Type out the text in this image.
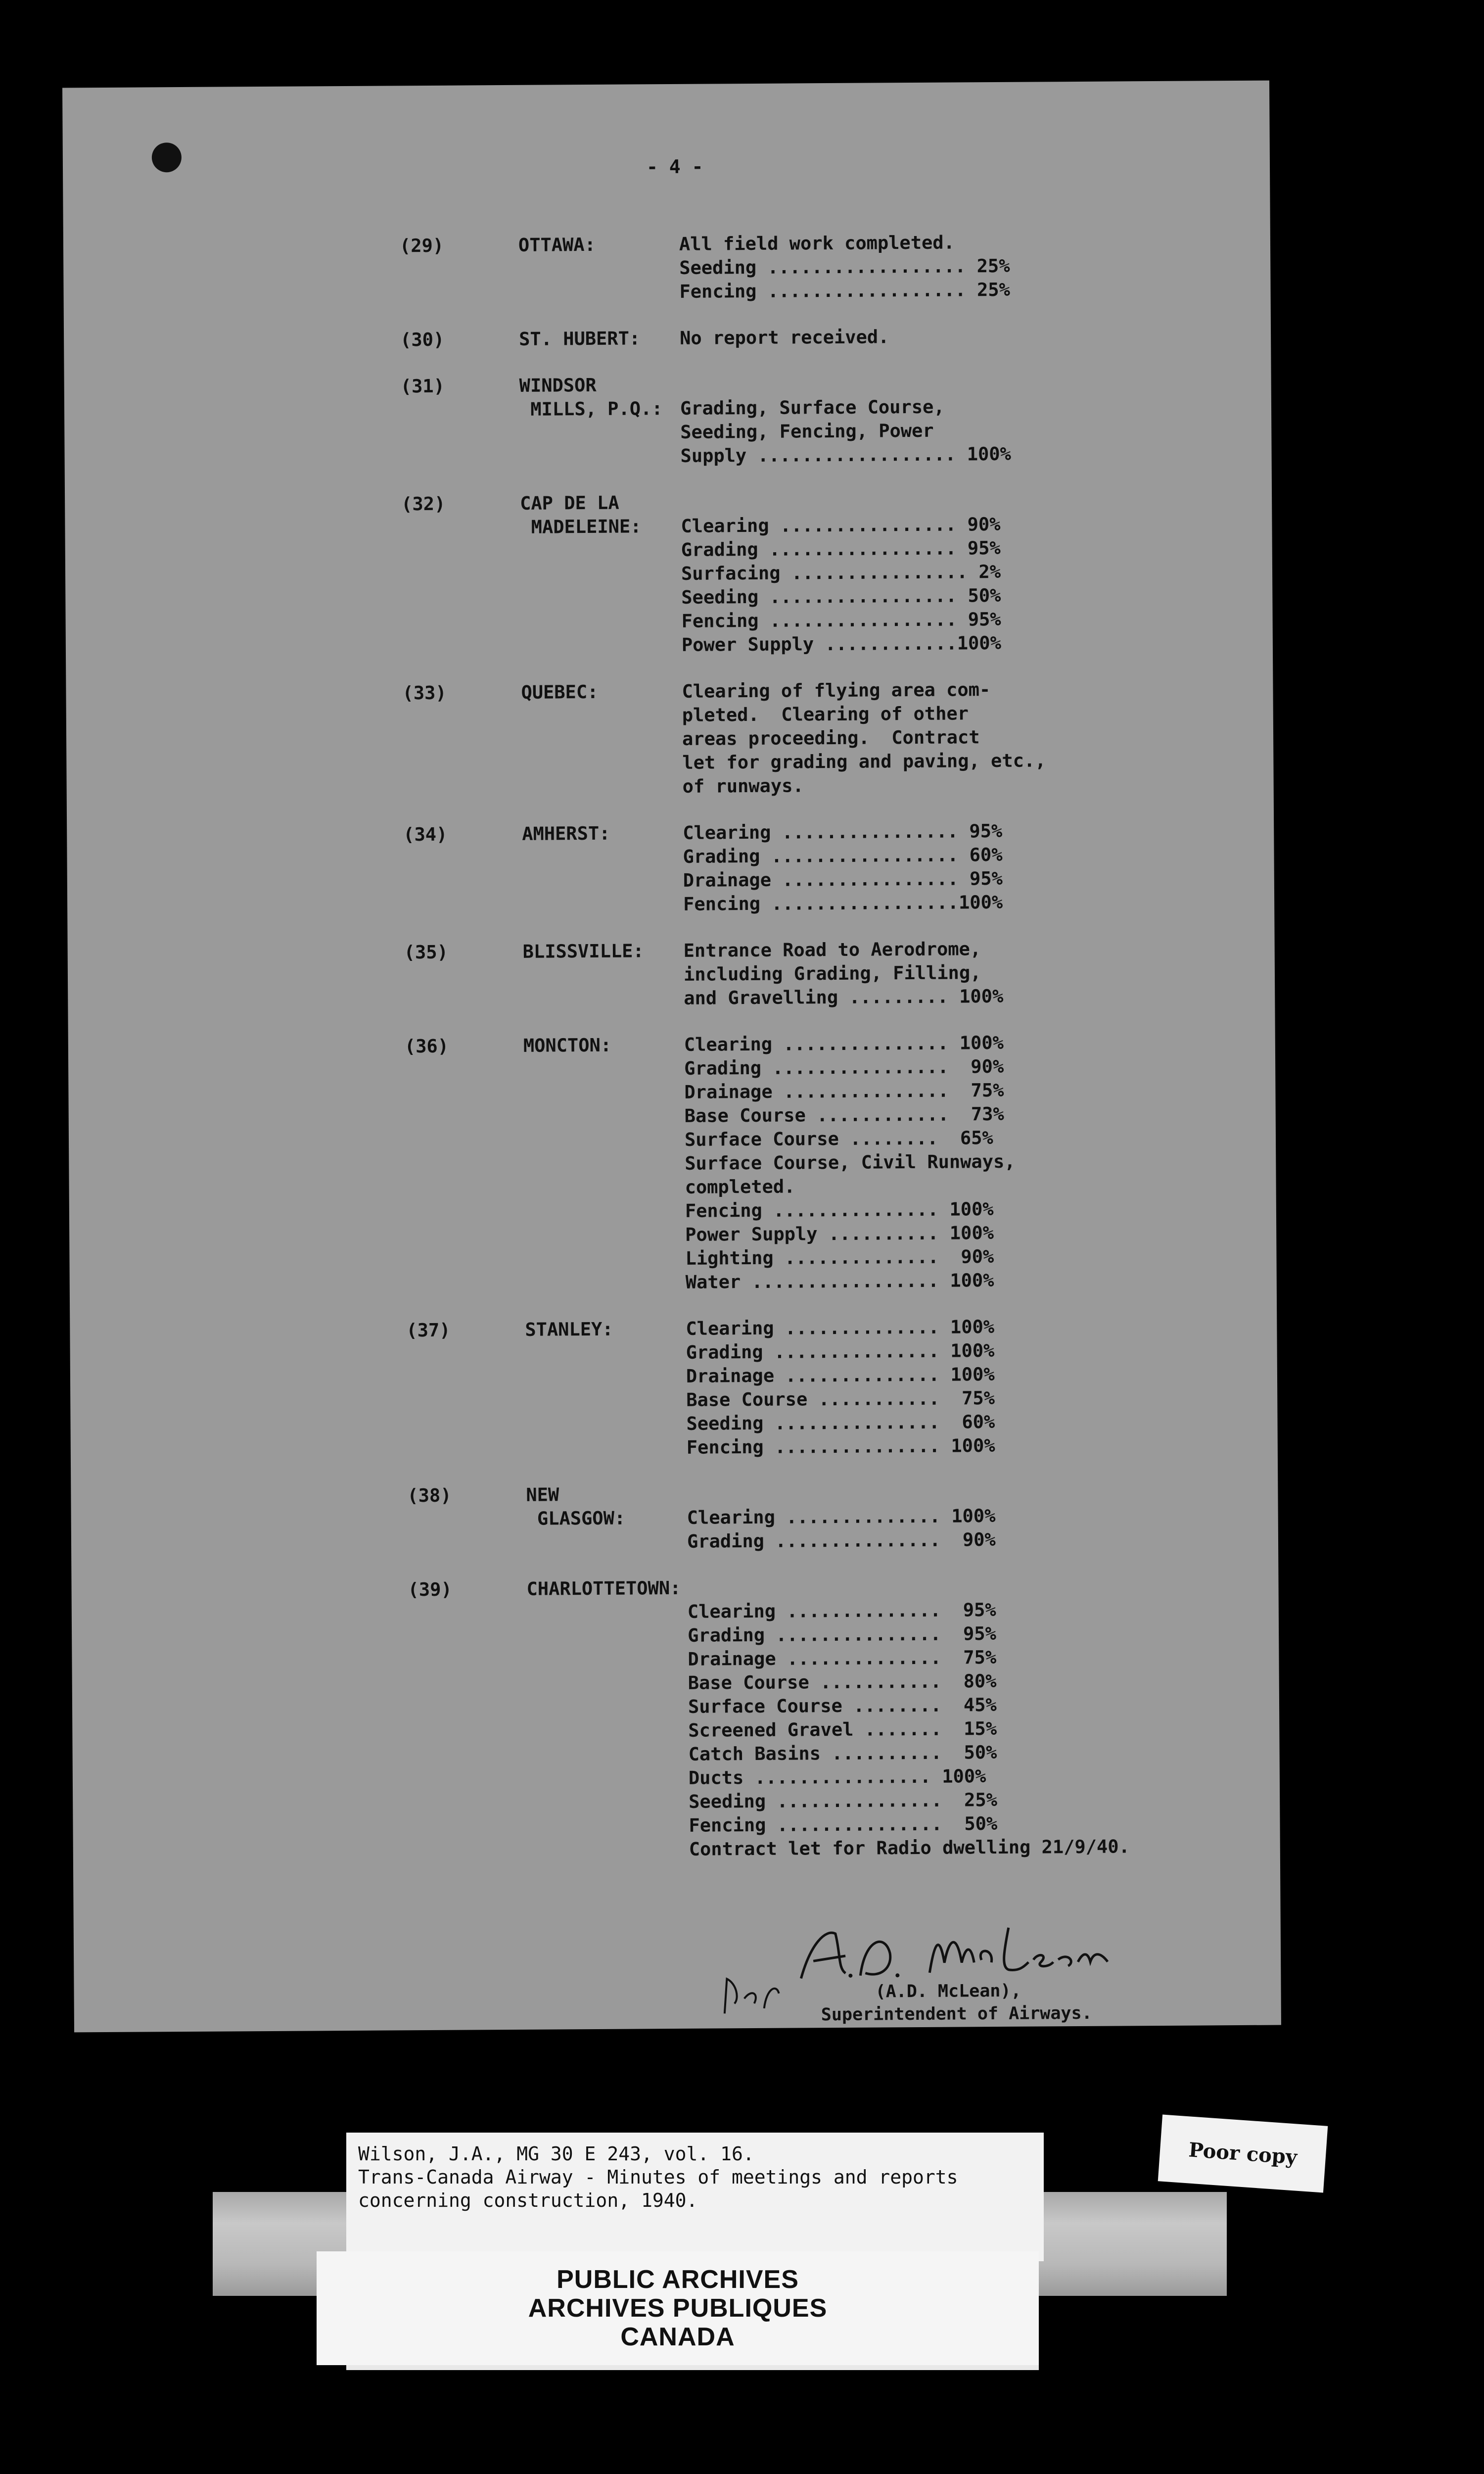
- 4 -
(29)	OTTAWA:	All field work completed.
Seeding .................. 25%
Fencing .................. 25%
(30)	ST. HUBERT: No report received.
(31)	WINDSOR
MILLS, P.Q.: Grading, Surface Course,
Seeding, Fencing, Power
Supply .................. 100%
(32)	CAP DE LA
MADELEINE: Clearing ................ 90%
Grading ................. 95%
Surfacing ................ 2%
Seeding ................. 50%
Fencing ................. 95%
Power Supply ............100%
(33)	QUEBEC:	Clearing of flying area com-
pleted.  Clearing of other
areas proceeding.  Contract
let for grading and paving, etc.,
of runways.
(34)	AMHERST:	Clearing ................ 95%
Grading ................. 60%
Drainage ................ 95%
Fencing .................100%
(35)	BLISSVILLE: Entrance Road to Aerodrome,
including Grading, Filling,
and Gravelling ......... 100%
(36)	MONCTON:	Clearing ............... 100%
Grading ................  90%
Drainage ...............  75%
Base Course ............  73%
Surface Course ........  65%
Surface Course, Civil Runways,
completed.
Fencing ............... 100%
Power Supply .......... 100%
Lighting ..............  90%
Water ................. 100%
(37)	STANLEY:	Clearing .............. 100%
Grading ............... 100%
Drainage .............. 100%
Base Course ...........  75%
Seeding ...............  60%
Fencing ............... 100%
(38)	NEW
GLASGOW:	Clearing .............. 100%
Grading ...............  90%
(39)	CHARLOTTETOWN:
Clearing ..............  95%
Grading ...............  95%
Drainage ..............  75%
Base Course ...........  80%
Surface Course ........  45%
Screened Gravel .......  15%
Catch Basins ..........  50%
Ducts ................ 100%
Seeding ...............  25%
Fencing ...............  50%
Contract let for Radio dwelling 21/9/40.
(A.D. McLean),
Superintendent of Airways.
Wilson, J.A., MG 30 E 243, vol. 16.
Trans-Canada Airway - Minutes of meetings and reports
concerning construction, 1940.
PUBLIC ARCHIVES
ARCHIVES PUBLIQUES
CANADA
Poor copy
